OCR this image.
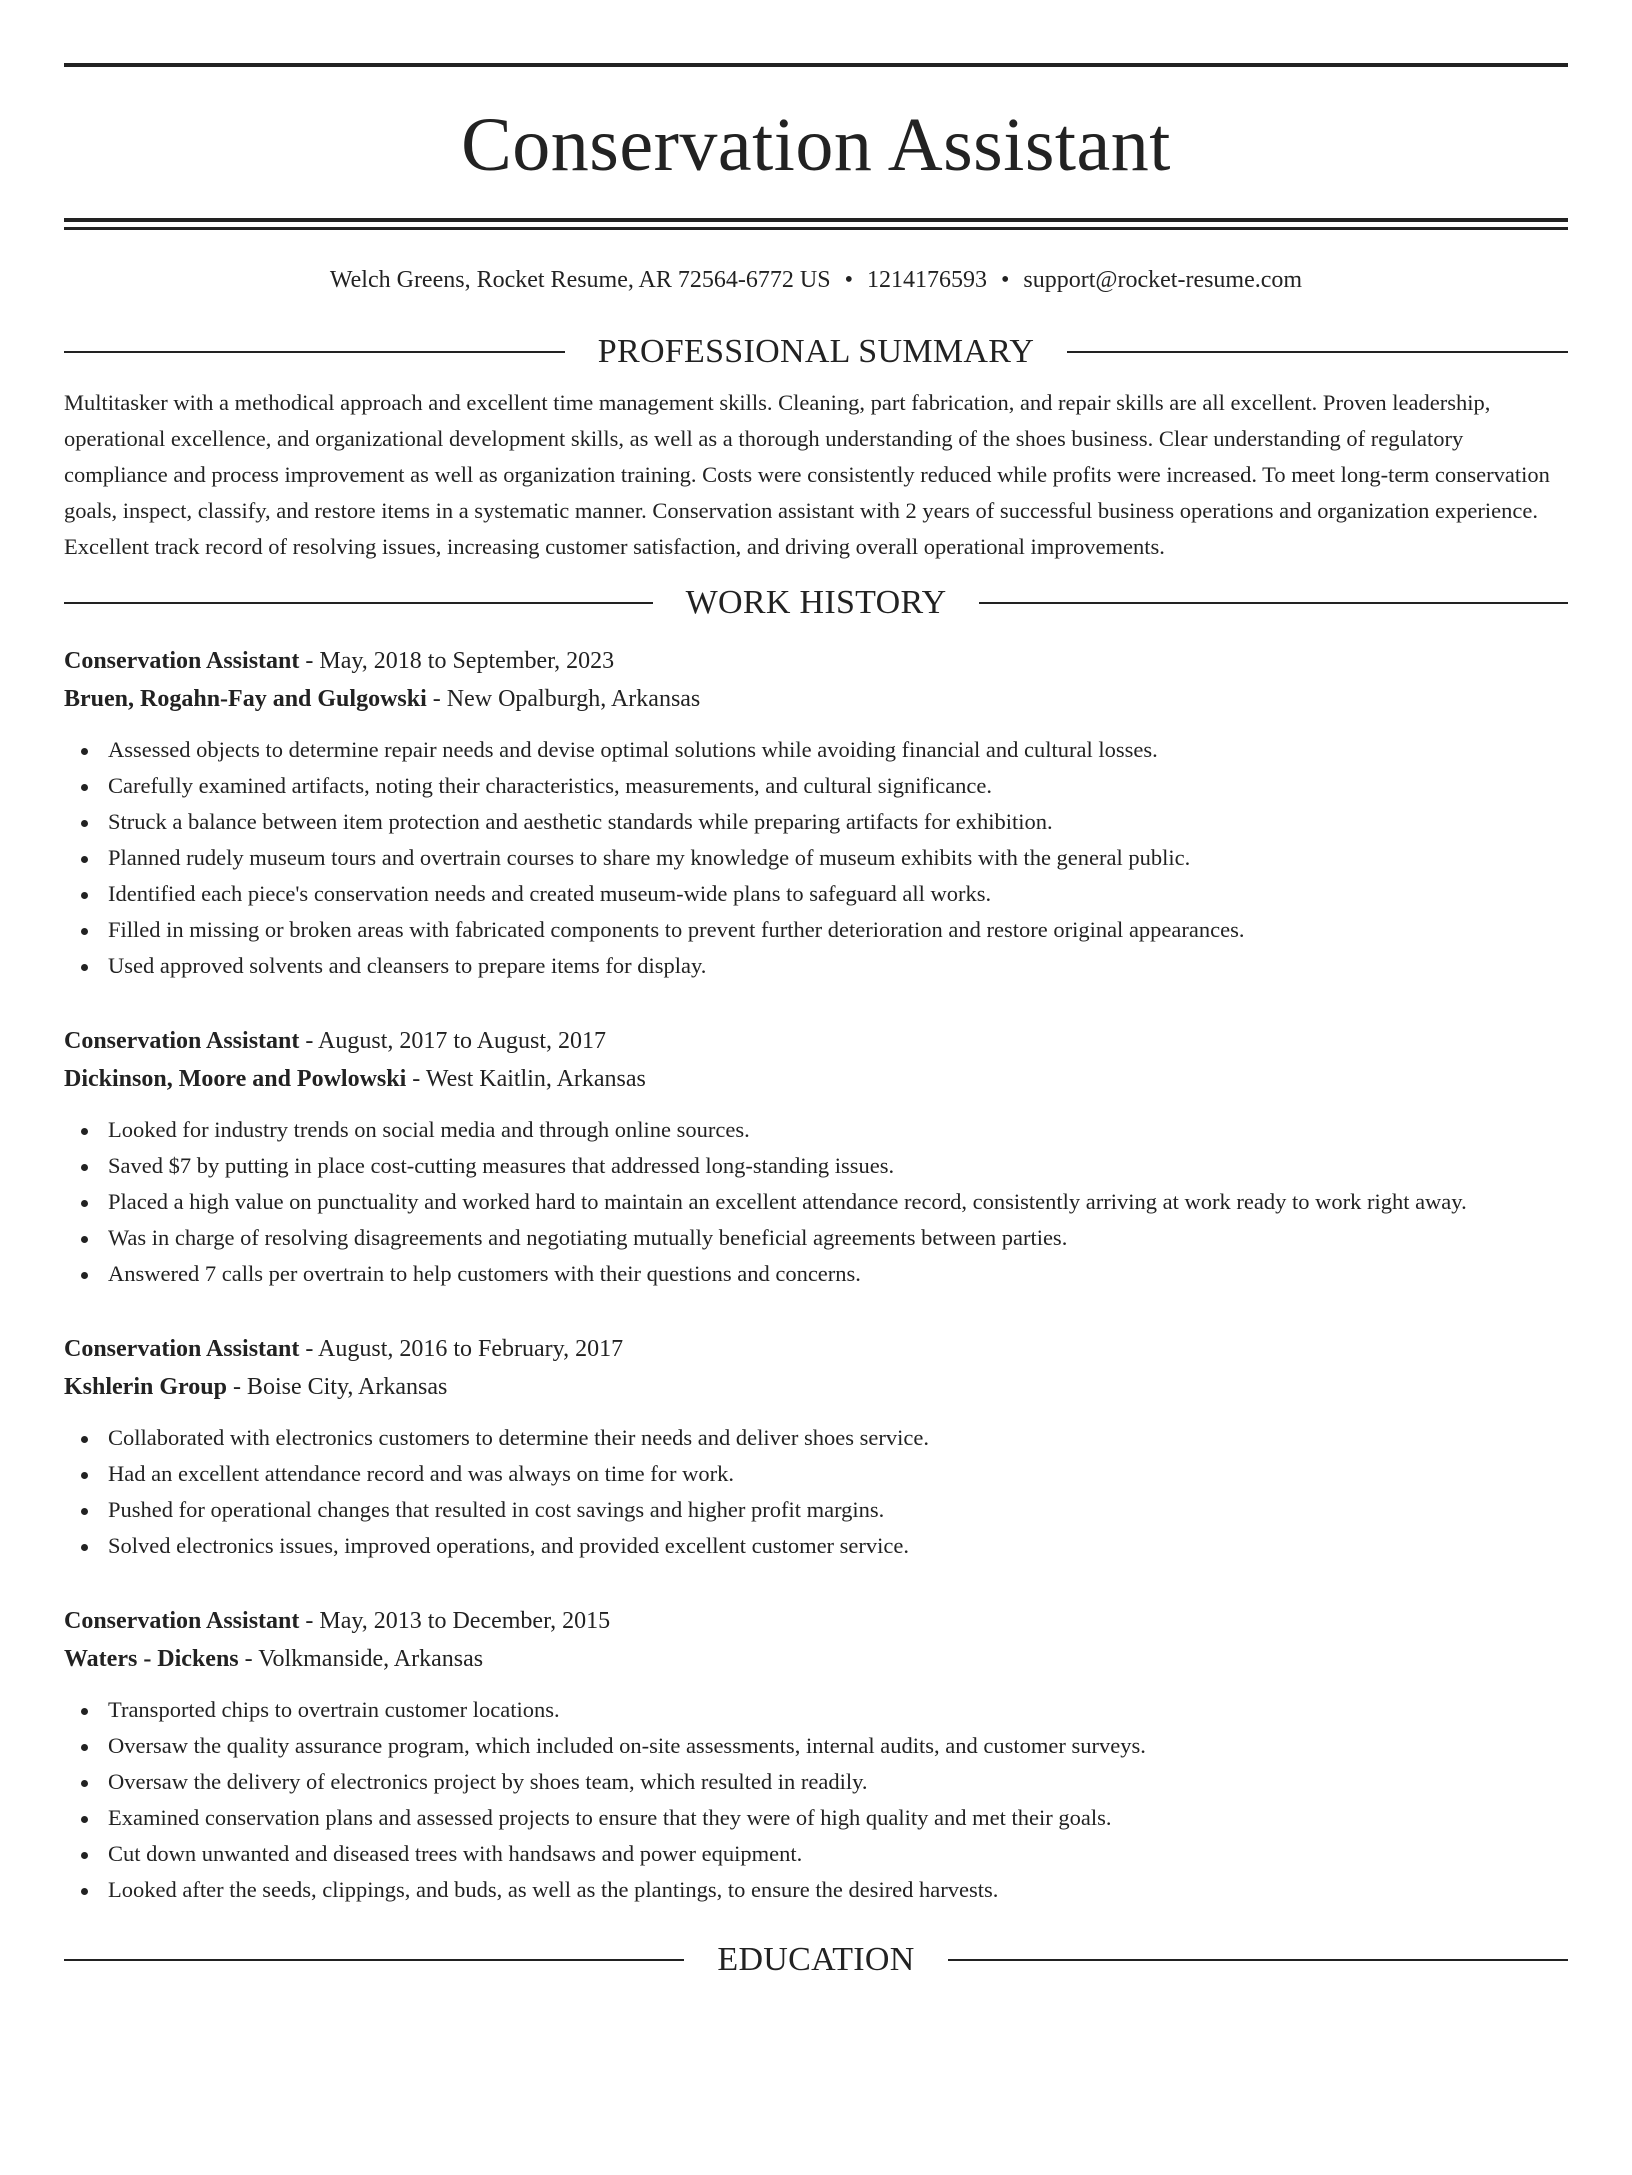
Conservation Assistant
Welch Greens, Rocket Resume, AR 72564-6772 US • 1214176593 • support@rocket-resume.com
PROFESSIONAL SUMMARY
Multitasker with a methodical approach and excellent time management skills. Cleaning, part fabrication, and repair skills are all excellent. Proven leadership, operational excellence, and organizational development skills, as well as a thorough understanding of the shoes business. Clear understanding of regulatory compliance and process improvement as well as organization training. Costs were consistently reduced while profits were increased. To meet long-term conservation goals, inspect, classify, and restore items in a systematic manner. Conservation assistant with 2 years of successful business operations and organization experience. Excellent track record of resolving issues, increasing customer satisfaction, and driving overall operational improvements.
WORK HISTORY
Conservation Assistant - May, 2018 to September, 2023
Bruen, Rogahn-Fay and Gulgowski - New Opalburgh, Arkansas
Assessed objects to determine repair needs and devise optimal solutions while avoiding financial and cultural losses.
Carefully examined artifacts, noting their characteristics, measurements, and cultural significance.
Struck a balance between item protection and aesthetic standards while preparing artifacts for exhibition.
Planned rudely museum tours and overtrain courses to share my knowledge of museum exhibits with the general public.
Identified each piece's conservation needs and created museum-wide plans to safeguard all works.
Filled in missing or broken areas with fabricated components to prevent further deterioration and restore original appearances.
Used approved solvents and cleansers to prepare items for display.
Conservation Assistant - August, 2017 to August, 2017
Dickinson, Moore and Powlowski - West Kaitlin, Arkansas
Looked for industry trends on social media and through online sources.
Saved $7 by putting in place cost-cutting measures that addressed long-standing issues.
Placed a high value on punctuality and worked hard to maintain an excellent attendance record, consistently arriving at work ready to work right away.
Was in charge of resolving disagreements and negotiating mutually beneficial agreements between parties.
Answered 7 calls per overtrain to help customers with their questions and concerns.
Conservation Assistant - August, 2016 to February, 2017
Kshlerin Group - Boise City, Arkansas
Collaborated with electronics customers to determine their needs and deliver shoes service.
Had an excellent attendance record and was always on time for work.
Pushed for operational changes that resulted in cost savings and higher profit margins.
Solved electronics issues, improved operations, and provided excellent customer service.
Conservation Assistant - May, 2013 to December, 2015
Waters - Dickens - Volkmanside, Arkansas
Transported chips to overtrain customer locations.
Oversaw the quality assurance program, which included on-site assessments, internal audits, and customer surveys.
Oversaw the delivery of electronics project by shoes team, which resulted in readily.
Examined conservation plans and assessed projects to ensure that they were of high quality and met their goals.
Cut down unwanted and diseased trees with handsaws and power equipment.
Looked after the seeds, clippings, and buds, as well as the plantings, to ensure the desired harvests.
EDUCATION
